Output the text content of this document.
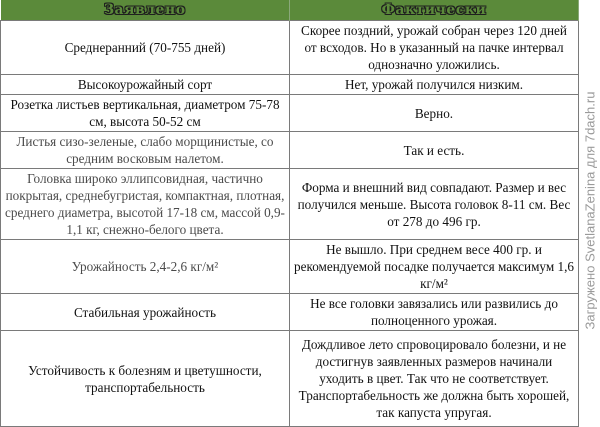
Заявлено	Фактически
Среднеранний (70-755 дней)	Скорее поздний, урожай собран через 120 дней от всходов. Но в указанный на пачке интервал однозначно уложились.
Высокоурожайный сорт	Нет, урожай получился низким.
Розетка листьев вертикальная, диаметром 75-78 см, высота 50-52 см	Верно.
Листья сизо-зеленые, слабо морщинистые, со средним восковым налетом.	Так и есть.
Головка широко эллипсовидная, частично покрытая, среднебугристая, компактная, плотная, среднего диаметра, высотой 17-18 см, массой 0,9-1,1 кг, снежно-белого цвета.	Форма и внешний вид совпадают. Размер и вес получился меньше. Высота головок 8-11 см. Вес от 278 до 496 гр.
Урожайность 2,4-2,6 кг/м²	Не вышло. При среднем весе 400 гр. и рекомендуемой посадке получается максимум 1,6 кг/м²
Стабильная урожайность	Не все головки завязались или развились до полноценного урожая.
Устойчивость к болезням и цветушности, транспортабельность	Дождливое лето спровоцировало болезни, и не достигнув заявленных размеров начинали уходить в цвет. Так что не соответствует. Транспортабельность же должна быть хорошей, так капуста упругая.
Загружено SvetlanaZenina для 7dach.ru
